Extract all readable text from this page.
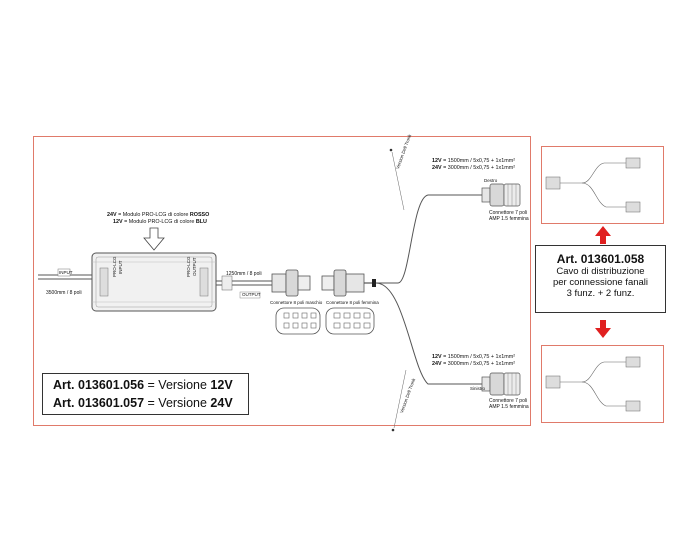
24V = Modulo PRO-LCG di colore ROSSO
12V = Modulo PRO-LCG di colore BLU
INPUT
3500mm / 8 poli
PRO-LCG INPUT	PRO-LCG OUTPUT
OUTPUT
1250mm / 8 poli
Connettore 8 poli maschio Connettore 8 poli femmina
12V = 1500mm / 5x0,75 + 1x1mm²
24V = 3000mm / 5x0,75 + 1x1mm²
Destro
Connettore 7 poli
AMP 1.5 femmina
Version Dell Tronk
12V = 1500mm / 5x0,75 + 1x1mm²
24V = 3000mm / 5x0,75 + 1x1mm²
Sinistro
Connettore 7 poli
AMP 1.5 femmina
Version Dell Tronk
Art. 013601.056 = Versione 12V
Art. 013601.057 = Versione 24V
Art. 013601.058
Cavo di distribuzione
per connessione fanali
3 funz. + 2 funz.
